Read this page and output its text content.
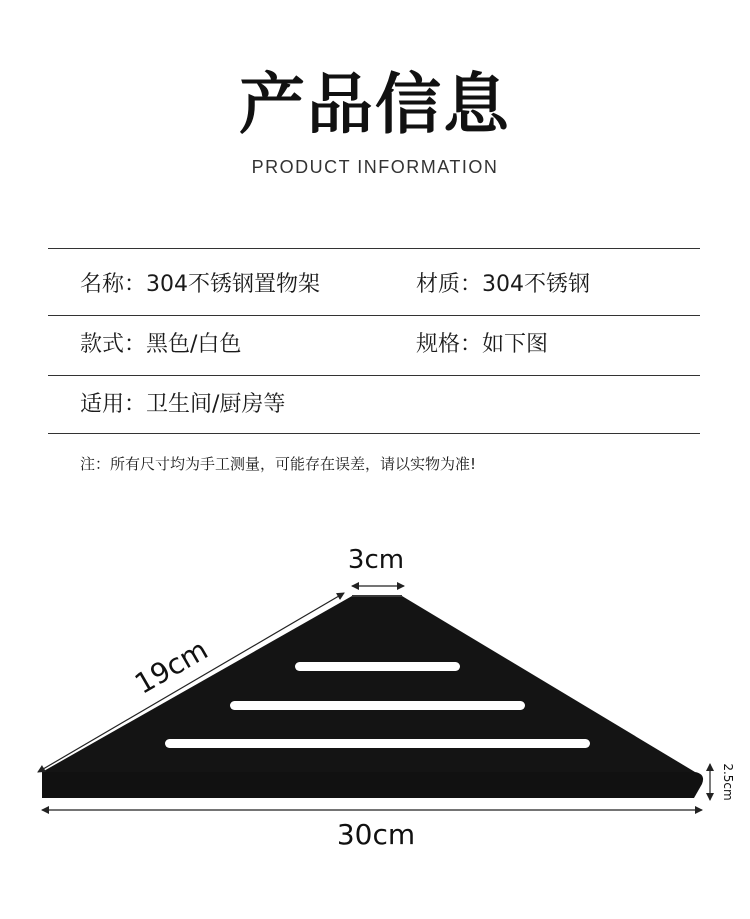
产品信息
PRODUCT INFORMATION
名称：304不锈钢置物架	材质：304不锈钢
款式：黑色/白色	规格：如下图
适用：卫生间/厨房等
注：所有尺寸均为手工测量，可能存在误差，请以实物为准!
3cm
19cm
30cm
2.5cm
